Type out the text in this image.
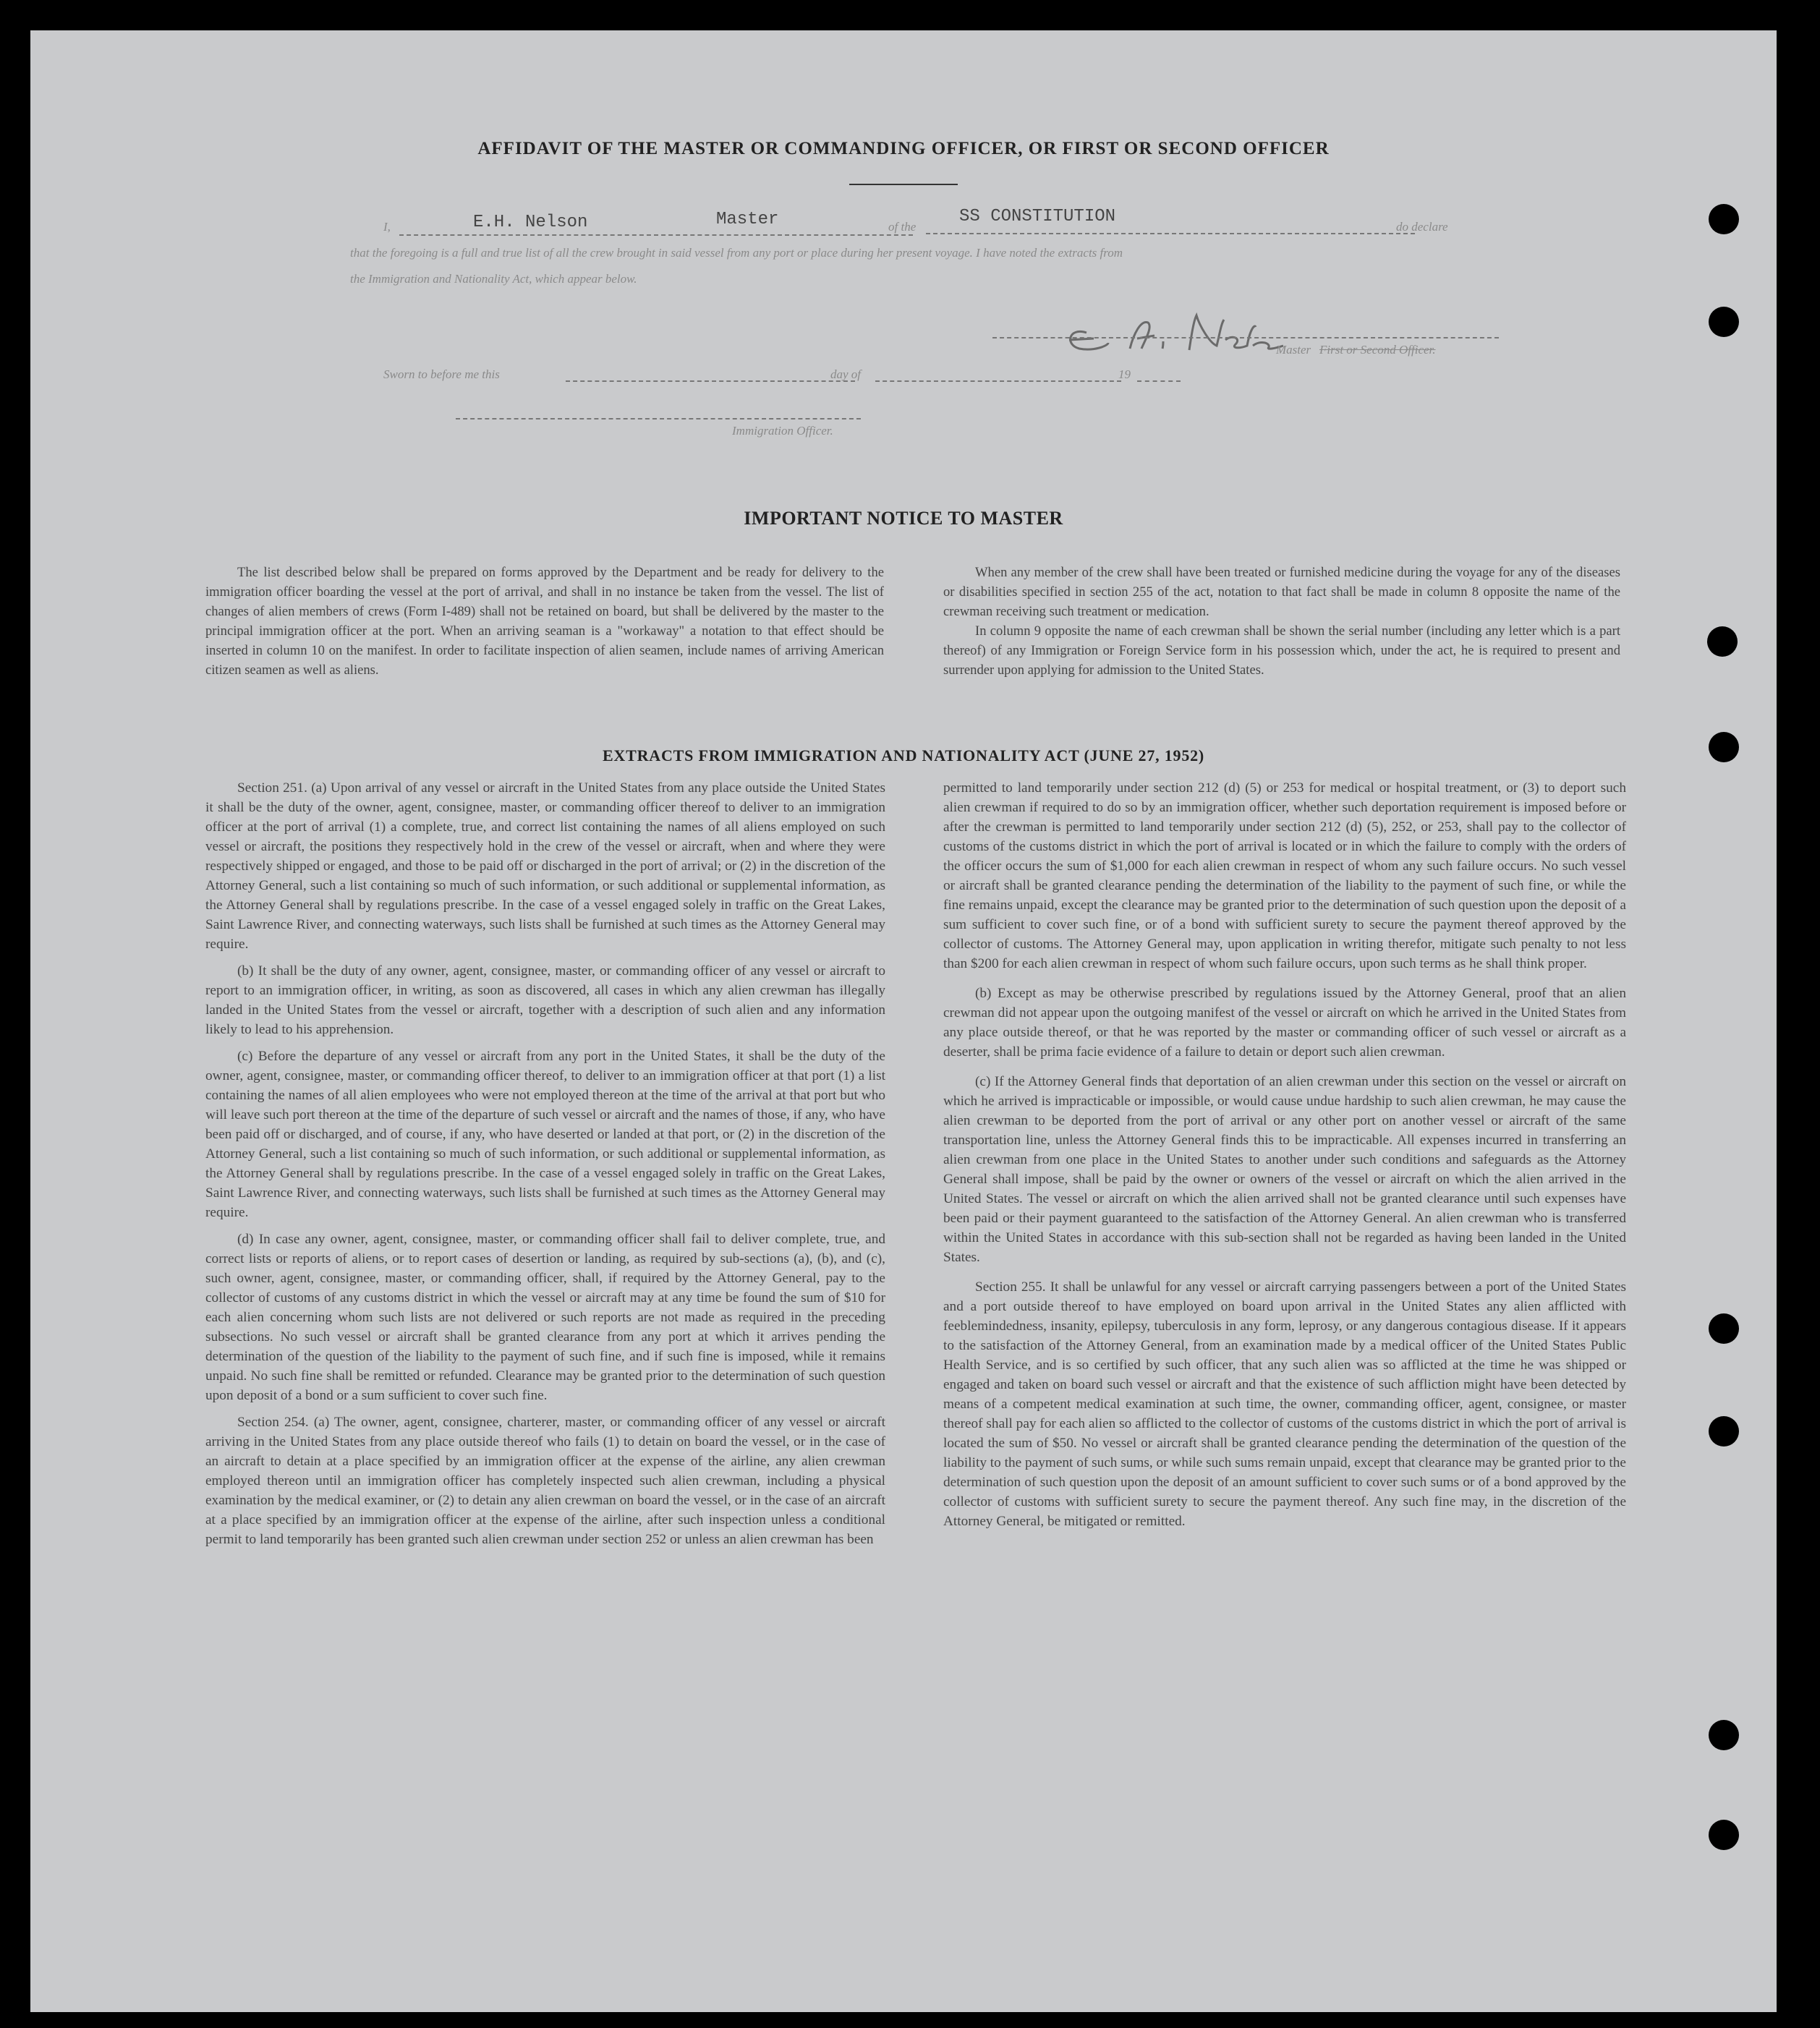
AFFIDAVIT OF THE MASTER OR COMMANDING OFFICER, OR FIRST OR SECOND OFFICER
I,	E.H. Nelson	Master	of the
SS CONSTITUTION
do declare
that the foregoing is a full and true list of all the crew brought in said vessel from any port or place during her present voyage. I have noted the extracts from
the Immigration and Nationality Act, which appear below.
Master First or Second Officer.
Sworn to before me this	day of	19
Immigration Officer.
IMPORTANT NOTICE TO MASTER

The list described below shall be prepared on forms approved by the Department and be ready for delivery to the immigration officer boarding the vessel at the port of arrival, and shall in no instance be taken from the vessel. The list of changes of alien members of crews (Form I-489) shall not be retained on board, but shall be delivered by the master to the principal immigration officer at the port. When an arriving seaman is a "workaway" a notation to that effect should be inserted in column 10 on the manifest. In order to facilitate inspection of alien seamen, include names of arriving American citizen seamen as well as aliens.

When any member of the crew shall have been treated or furnished medicine during the voyage for any of the diseases or disabilities specified in section 255 of the act, notation to that fact shall be made in column 8 opposite the name of the crewman receiving such treatment or medication.

In column 9 opposite the name of each crewman shall be shown the serial number (including any letter which is a part thereof) of any Immigration or Foreign Service form in his possession which, under the act, he is required to present and surrender upon applying for admission to the United States.

EXTRACTS FROM IMMIGRATION AND NATIONALITY ACT (JUNE 27, 1952)

Section 251. (a) Upon arrival of any vessel or aircraft in the United States from any place outside the United States it shall be the duty of the owner, agent, consignee, master, or commanding officer thereof to deliver to an immigration officer at the port of arrival (1) a complete, true, and correct list containing the names of all aliens employed on such vessel or aircraft, the positions they respectively hold in the crew of the vessel or aircraft, when and where they were respectively shipped or engaged, and those to be paid off or discharged in the port of arrival; or (2) in the discretion of the Attorney General, such a list containing so much of such information, or such additional or supplemental information, as the Attorney General shall by regulations prescribe. In the case of a vessel engaged solely in traffic on the Great Lakes, Saint Lawrence River, and connecting waterways, such lists shall be furnished at such times as the Attorney General may require.

(b) It shall be the duty of any owner, agent, consignee, master, or commanding officer of any vessel or aircraft to report to an immigration officer, in writing, as soon as discovered, all cases in which any alien crewman has illegally landed in the United States from the vessel or aircraft, together with a description of such alien and any information likely to lead to his apprehension.

(c) Before the departure of any vessel or aircraft from any port in the United States, it shall be the duty of the owner, agent, consignee, master, or commanding officer thereof, to deliver to an immigration officer at that port (1) a list containing the names of all alien employees who were not employed thereon at the time of the arrival at that port but who will leave such port thereon at the time of the departure of such vessel or aircraft and the names of those, if any, who have been paid off or discharged, and of course, if any, who have deserted or landed at that port, or (2) in the discretion of the Attorney General, such a list containing so much of such information, or such additional or supplemental information, as the Attorney General shall by regulations prescribe. In the case of a vessel engaged solely in traffic on the Great Lakes, Saint Lawrence River, and connecting waterways, such lists shall be furnished at such times as the Attorney General may require.

(d) In case any owner, agent, consignee, master, or commanding officer shall fail to deliver complete, true, and correct lists or reports of aliens, or to report cases of desertion or landing, as required by sub-sections (a), (b), and (c), such owner, agent, consignee, master, or commanding officer, shall, if required by the Attorney General, pay to the collector of customs of any customs district in which the vessel or aircraft may at any time be found the sum of $10 for each alien concerning whom such lists are not delivered or such reports are not made as required in the preceding subsections. No such vessel or aircraft shall be granted clearance from any port at which it arrives pending the determination of the question of the liability to the payment of such fine, and if such fine is imposed, while it remains unpaid. No such fine shall be remitted or refunded. Clearance may be granted prior to the determination of such question upon deposit of a bond or a sum sufficient to cover such fine.

Section 254. (a) The owner, agent, consignee, charterer, master, or commanding officer of any vessel or aircraft arriving in the United States from any place outside thereof who fails (1) to detain on board the vessel, or in the case of an aircraft to detain at a place specified by an immigration officer at the expense of the airline, any alien crewman employed thereon until an immigration officer has completely inspected such alien crewman, including a physical examination by the medical examiner, or (2) to detain any alien crewman on board the vessel, or in the case of an aircraft at a place specified by an immigration officer at the expense of the airline, after such inspection unless a conditional permit to land temporarily has been granted such alien crewman under section 252 or unless an alien crewman has been

permitted to land temporarily under section 212 (d) (5) or 253 for medical or hospital treatment, or (3) to deport such alien crewman if required to do so by an immigration officer, whether such deportation requirement is imposed before or after the crewman is permitted to land temporarily under section 212 (d) (5), 252, or 253, shall pay to the collector of customs of the customs district in which the port of arrival is located or in which the failure to comply with the orders of the officer occurs the sum of $1,000 for each alien crewman in respect of whom any such failure occurs. No such vessel or aircraft shall be granted clearance pending the determination of the liability to the payment of such fine, or while the fine remains unpaid, except the clearance may be granted prior to the determination of such question upon the deposit of a sum sufficient to cover such fine, or of a bond with sufficient surety to secure the payment thereof approved by the collector of customs. The Attorney General may, upon application in writing therefor, mitigate such penalty to not less than $200 for each alien crewman in respect of whom such failure occurs, upon such terms as he shall think proper.

(b) Except as may be otherwise prescribed by regulations issued by the Attorney General, proof that an alien crewman did not appear upon the outgoing manifest of the vessel or aircraft on which he arrived in the United States from any place outside thereof, or that he was reported by the master or commanding officer of such vessel or aircraft as a deserter, shall be prima facie evidence of a failure to detain or deport such alien crewman.

(c) If the Attorney General finds that deportation of an alien crewman under this section on the vessel or aircraft on which he arrived is impracticable or impossible, or would cause undue hardship to such alien crewman, he may cause the alien crewman to be deported from the port of arrival or any other port on another vessel or aircraft of the same transportation line, unless the Attorney General finds this to be impracticable. All expenses incurred in transferring an alien crewman from one place in the United States to another under such conditions and safeguards as the Attorney General shall impose, shall be paid by the owner or owners of the vessel or aircraft on which the alien arrived in the United States. The vessel or aircraft on which the alien arrived shall not be granted clearance until such expenses have been paid or their payment guaranteed to the satisfaction of the Attorney General. An alien crewman who is transferred within the United States in accordance with this sub-section shall not be regarded as having been landed in the United States.

Section 255. It shall be unlawful for any vessel or aircraft carrying passengers between a port of the United States and a port outside thereof to have employed on board upon arrival in the United States any alien afflicted with feeblemindedness, insanity, epilepsy, tuberculosis in any form, leprosy, or any dangerous contagious disease. If it appears to the satisfaction of the Attorney General, from an examination made by a medical officer of the United States Public Health Service, and is so certified by such officer, that any such alien was so afflicted at the time he was shipped or engaged and taken on board such vessel or aircraft and that the existence of such affliction might have been detected by means of a competent medical examination at such time, the owner, commanding officer, agent, consignee, or master thereof shall pay for each alien so afflicted to the collector of customs of the customs district in which the port of arrival is located the sum of $50. No vessel or aircraft shall be granted clearance pending the determination of the question of the liability to the payment of such sums, or while such sums remain unpaid, except that clearance may be granted prior to the determination of such question upon the deposit of an amount sufficient to cover such sums or of a bond approved by the collector of customs with sufficient surety to secure the payment thereof. Any such fine may, in the discretion of the Attorney General, be mitigated or remitted.
